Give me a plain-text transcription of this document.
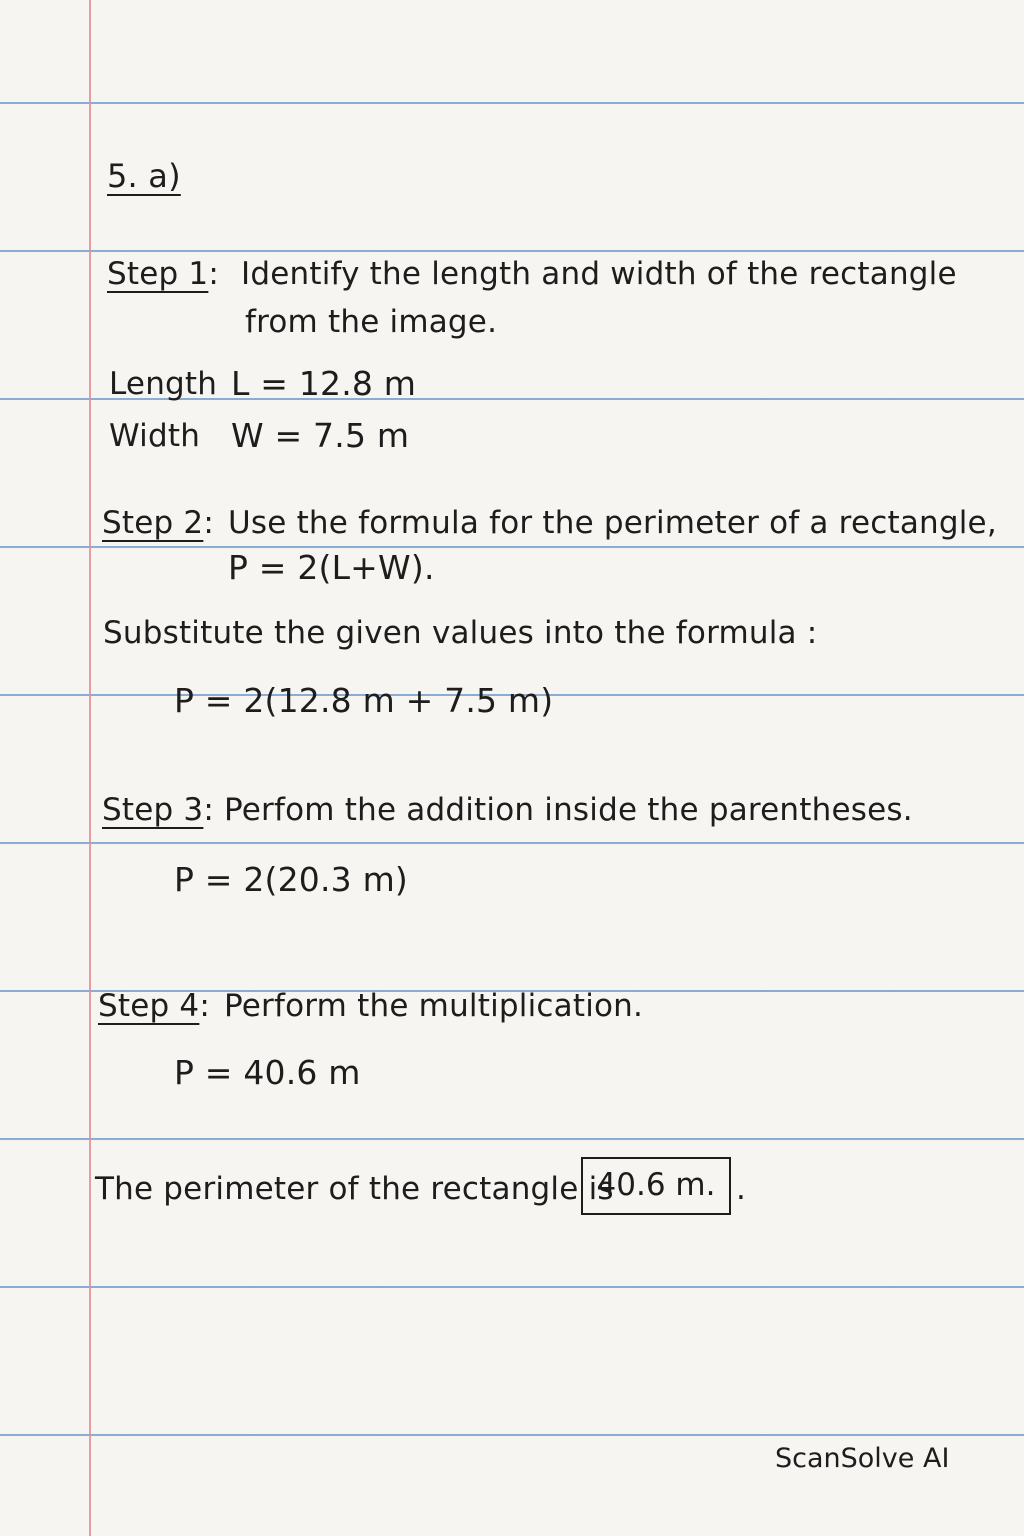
5. a)
Step 1: Identify the length and width of the rectangle
from the image.
Length L = 12.8 m
Width W = 7.5 m
Step 2: Use the formula for the perimeter of a rectangle,
P = 2(L+W).
Substitute the given values into the formula :
P = 2(12.8 m + 7.5 m)
Step 3: Perfom the addition inside the parentheses.
P = 2(20.3 m)
Step 4: Perform the multiplication.
P = 40.6 m
The perimeter of the rectangle is
40.6 m. .
ScanSolve AI
